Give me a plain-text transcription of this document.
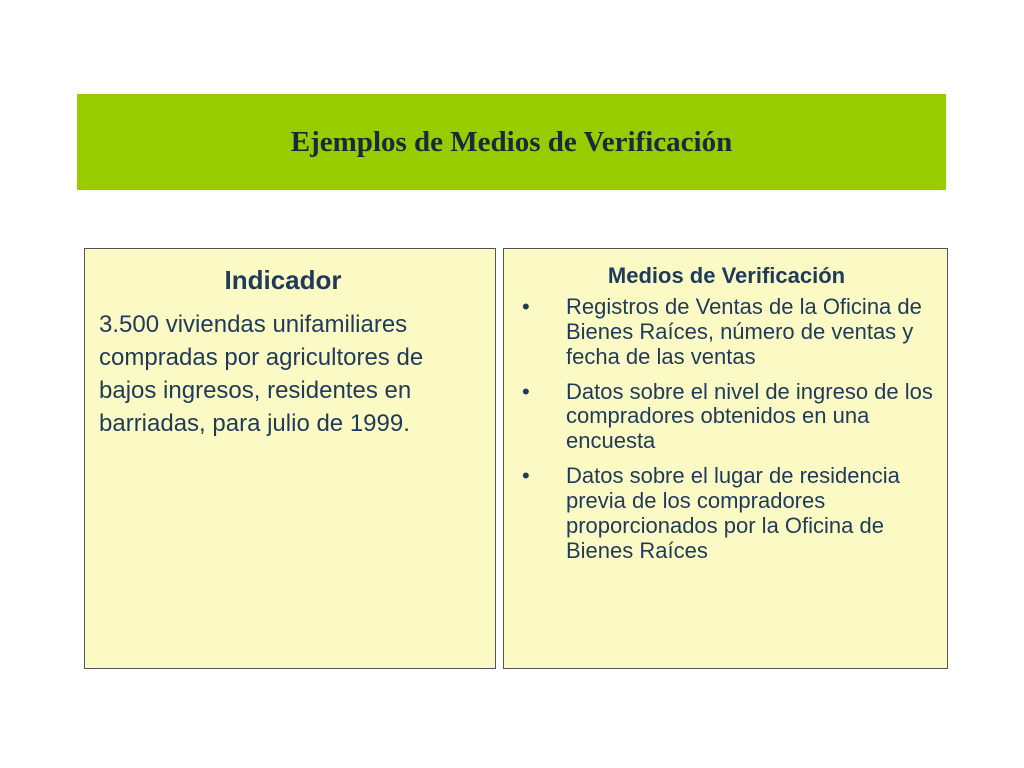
Ejemplos de Medios de Verificación

Indicador

3.500 viviendas unifamiliares compradas por agricultores de bajos ingresos, residentes en barriadas, para julio de 1999.

Medios de Verificación

•	Registros de Ventas de la Oficina de Bienes Raíces, número de ventas y fecha de las ventas
•	Datos sobre el nivel de ingreso de los compradores obtenidos en una encuesta
•	Datos sobre el lugar de residencia previa de los compradores proporcionados por la Oficina de Bienes Raíces
